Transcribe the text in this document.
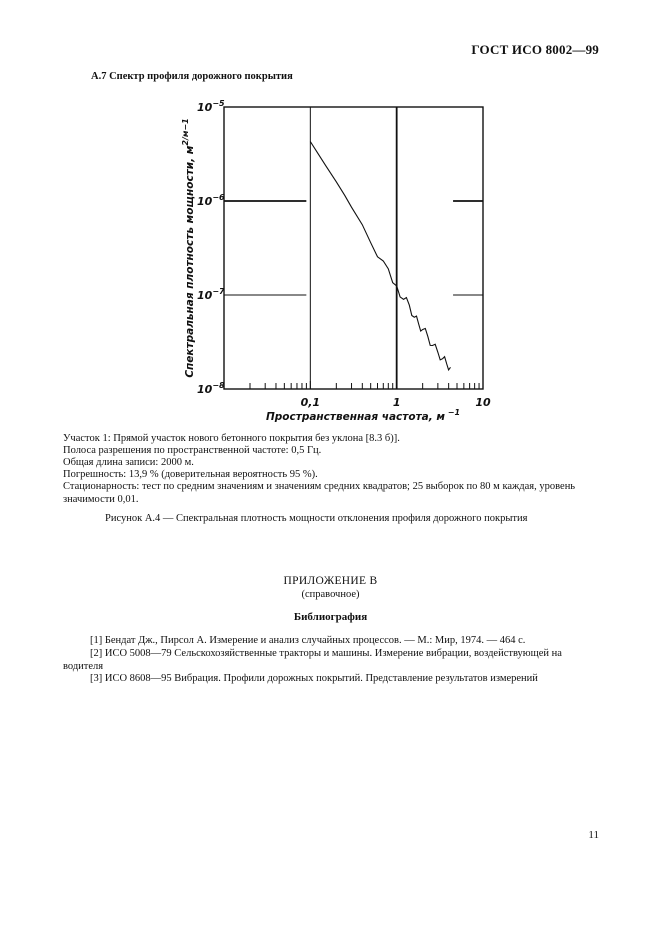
ГОСТ ИСО 8002—99
А.7 Спектр профиля дорожного покрытия
0,1	1	10
$10^{-5}$
$10^{-6}$
$10^{-7}$
$10^{-8}$
Пространственная частота, м $^{-1}$
Спектральная плотность мощности, $м^{2/м-1}$
Участок 1: Прямой участок нового бетонного покрытия без уклона [8.3 б)].
Полоса разрешения по пространственной частоте: 0,5 Гц.
Общая длина записи: 2000 м.
Погрешность: 13,9 % (доверительная вероятность 95 %).
Стационарность: тест по средним значениям и значениям средних квадратов; 25 выборок по 80 м каждая, уровень значимости 0,01.
Рисунок А.4 — Спектральная плотность мощности отклонения профиля дорожного покрытия
ПРИЛОЖЕНИЕ В
(справочное)
Библиография
[1] Бендат Дж., Пирсол А. Измерение и анализ случайных процессов. — М.: Мир, 1974. — 464 с.
[2] ИСО 5008—79 Сельскохозяйственные тракторы и машины. Измерение вибрации, воздействующей на водителя
[3] ИСО 8608—95 Вибрация. Профили дорожных покрытий. Представление результатов измерений
11
